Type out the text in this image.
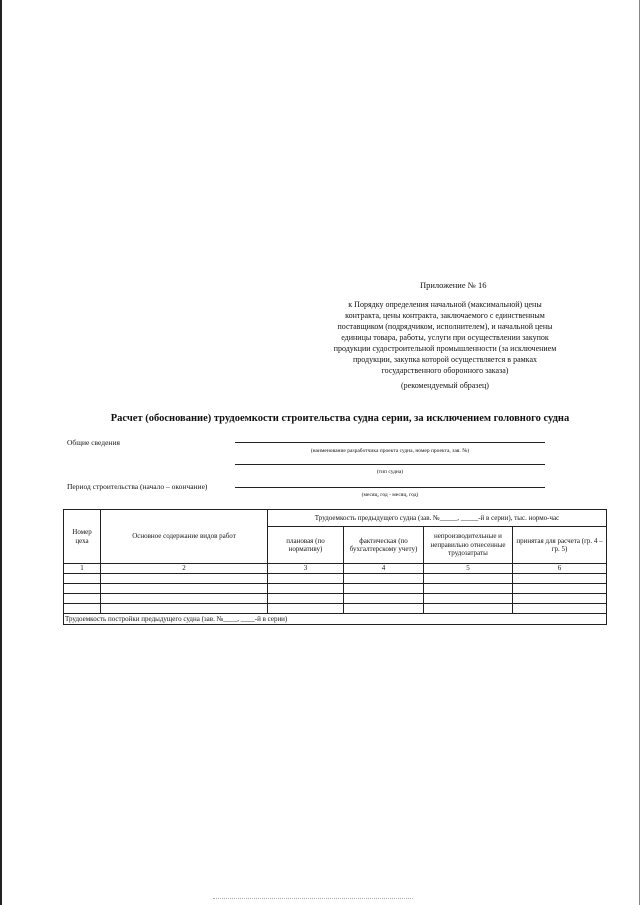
Приложение № 16
к Порядку определения начальной (максимальной) цены
контракта, цены контракта, заключаемого с единственным
поставщиком (подрядчиком, исполнителем), и начальной цены
единицы товара, работы, услуги при осуществлении закупок
продукции судостроительной промышленности (за исключением
продукции, закупка которой осуществляется в рамках
государственного оборонного заказа)
(рекомендуемый образец)
Расчет (обоснование) трудоемкости строительства судна серии, за исключением головного судна
Общие сведения
(наименование разработчика проекта судна, номер проекта, зав. №)
(тип судна)
Период строительства (начало – окончание)
(месяц, год - месяц, год)
Номер цеха	Основное содержание видов работ	Трудоемкость предыдущего судна (зав. №_____, _____-й в серии), тыс. нормо-час			
		плановая (по нормативу)	фактическая (по бухгалтерскому учету)	непроизводительные и неправильно отнесенные трудозатраты	принятая для расчета (гр. 4 – гр. 5)
1	2	3	4	5	6

Трудоемкость постройки предыдущего судна (зав. №____, ____-й в серии)					
